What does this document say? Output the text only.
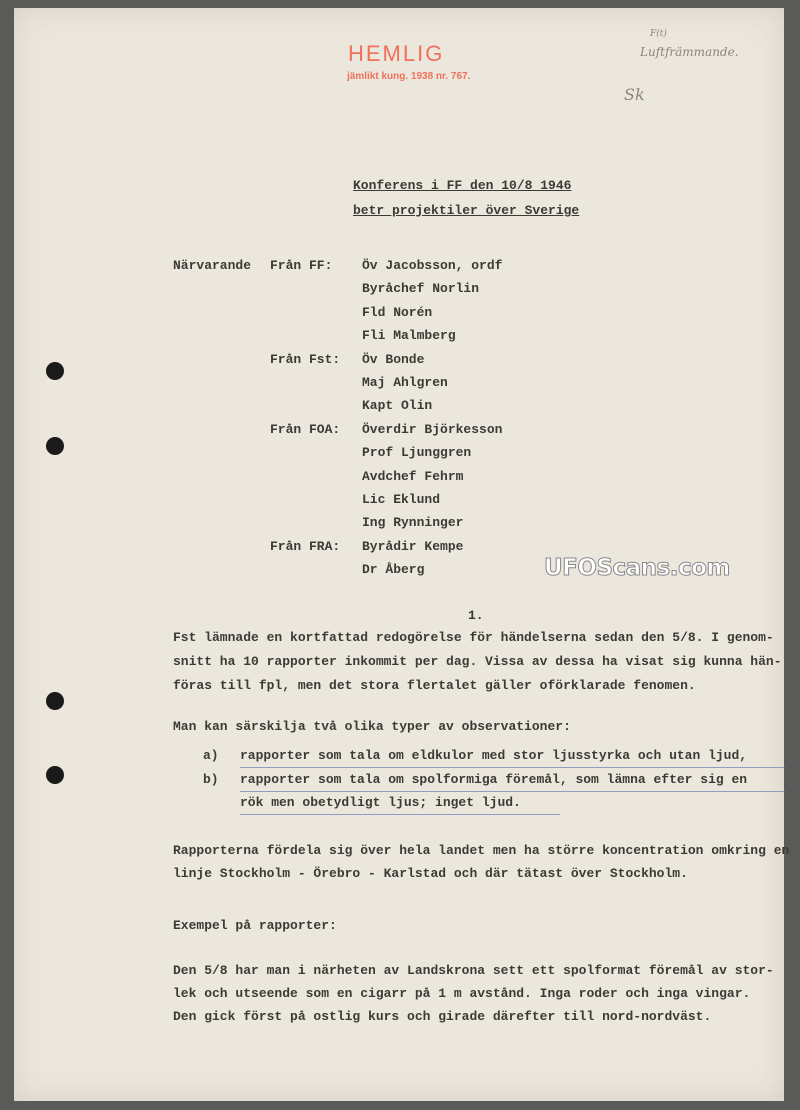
HEMLIG
jämlikt kung. 1938 nr. 767.
F(t)
Luftfrämmande.
Sk
Konferens i FF den 10/8 1946
betr projektiler över Sverige
Närvarande Från FF: Öv Jacobsson, ordf
Byråchef Norlin
Fld Norén
Fli Malmberg
Från Fst: Öv Bonde
Maj Ahlgren
Kapt Olin
Från FOA: Överdir Björkesson
Prof Ljunggren
Avdchef Fehrm
Lic Eklund
Ing Rynninger
Från FRA: Byrådir Kempe
Dr Åberg	UFOScans.com
1.
Fst lämnade en kortfattad redogörelse för händelserna sedan den 5/8. I genom-
snitt ha 10 rapporter inkommit per dag. Vissa av dessa ha visat sig kunna hän-
föras till fpl, men det stora flertalet gäller oförklarade fenomen.
Man kan särskilja två olika typer av observationer:
a) rapporter som tala om eldkulor med stor ljusstyrka och utan ljud,
b) rapporter som tala om spolformiga föremål, som lämna efter sig en
rök men obetydligt ljus; inget ljud.
Rapporterna fördela sig över hela landet men ha större koncentration omkring en
linje Stockholm - Örebro - Karlstad och där tätast över Stockholm.
Exempel på rapporter:
Den 5/8 har man i närheten av Landskrona sett ett spolformat föremål av stor-
lek och utseende som en cigarr på 1 m avstånd. Inga roder och inga vingar.
Den gick först på ostlig kurs och girade därefter till nord-nordväst.
